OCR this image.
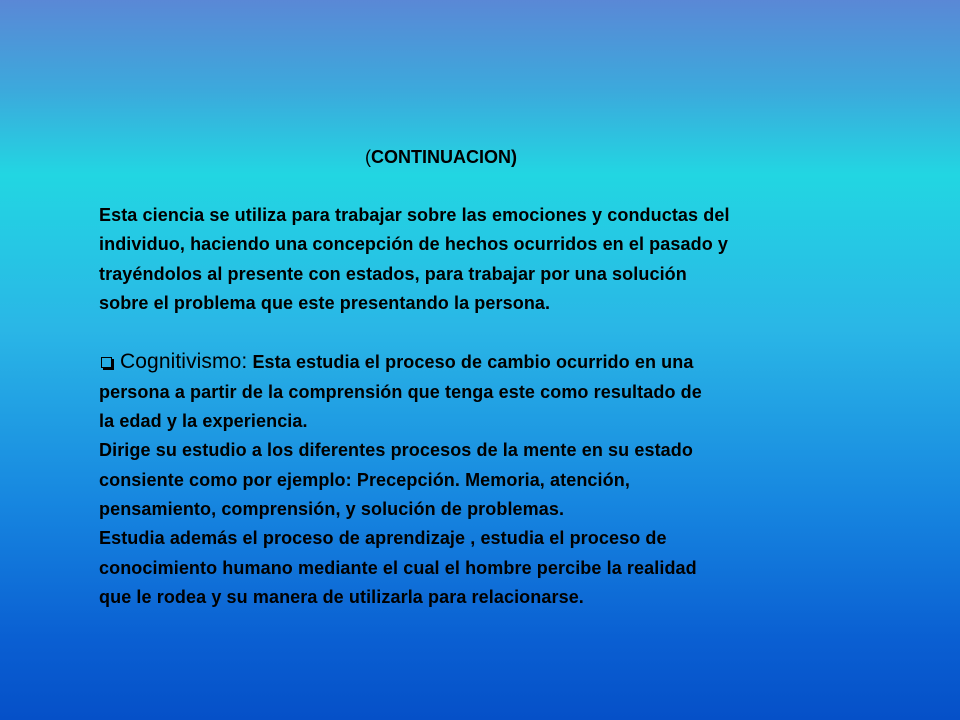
(CONTINUACION)
Esta ciencia se utiliza para trabajar sobre las emociones y conductas del
individuo, haciendo una concepción de hechos ocurridos en el pasado y
trayéndolos al presente con estados, para trabajar por una solución
sobre el problema que este presentando la persona.
Cognitivismo: Esta estudia el proceso de cambio ocurrido en una
persona a partir de la comprensión que tenga este como resultado de
la edad y la experiencia.
Dirige su estudio a los diferentes procesos de la mente en su estado
consiente como por ejemplo: Precepción. Memoria, atención,
pensamiento, comprensión, y solución de problemas.
Estudia además el proceso de aprendizaje , estudia el proceso de
conocimiento humano mediante el cual el hombre percibe la realidad
que le rodea y su manera de utilizarla para relacionarse.
